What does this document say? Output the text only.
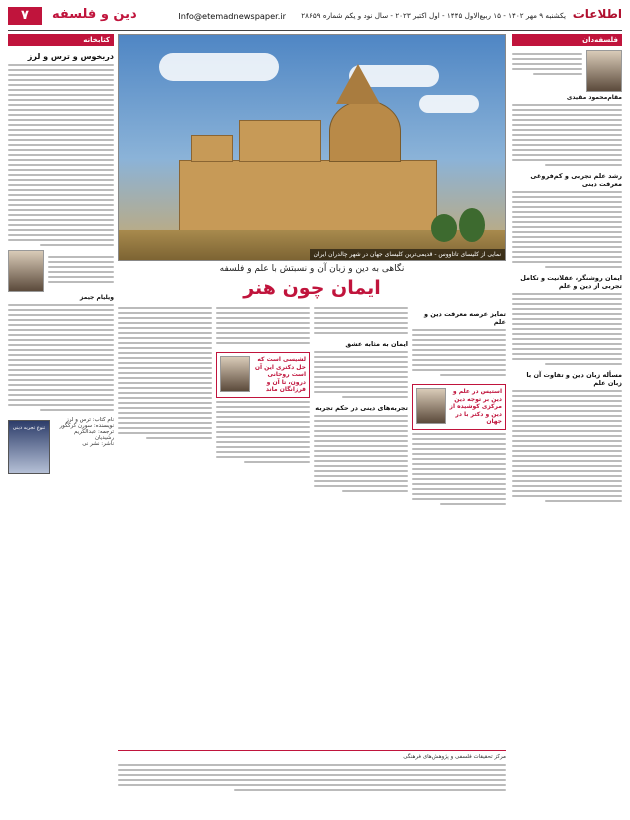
اطلاعات
یکشنبه ۹ مهر ۱۴۰۲ - ۱۵ ربیع‌الاول ۱۴۴۵ - اول اکتبر ۲۰۲۳ - سال نود و یکم شماره ۲۸۶۵۹
Info@etemadnewspaper.ir
دین و فلسفه
۷
فلسفه‌دان
مقام‌محمود مقیدی
رشد علم تجربی و کم‌فروغی معرفت دینی
ایمان روشنگر، عقلانیت و تکامل تجربی از دین و علم
مسأله زبان دین و تفاوت آن با زبان علم
نمایی از کلیسای تاتاووس - قدیمی‌ترین کلیسای جهان در شهر چالدران ایران
نگاهی به دین و زبان آن و نسبتش با علم و فلسفه
ایمان چون هنر
تمایز عرصه معرفت دین و علم
استیس در علم و دین بر توجه دین مرکزی کوشیده از دین و دکتر با در جهان
ایمان به مثابه عشق
تجربه‌های دینی در حکم تجربه
لشیسی است که حل دکتری این آن است روحانی درون، تا آن و فرزانگان ماند
مرکز تحقیقات فلسفی و پژوهش‌های فرهنگی
کتابخانه
دربخوس و ترس و لرز
ویلیام جیمز
نام کتاب: ترس و لرز
نویسنده: سورن کرکگور
ترجمه: عبدالکریم رشیدیان
ناشر: نشر نی
تنوع تجربه دینی
